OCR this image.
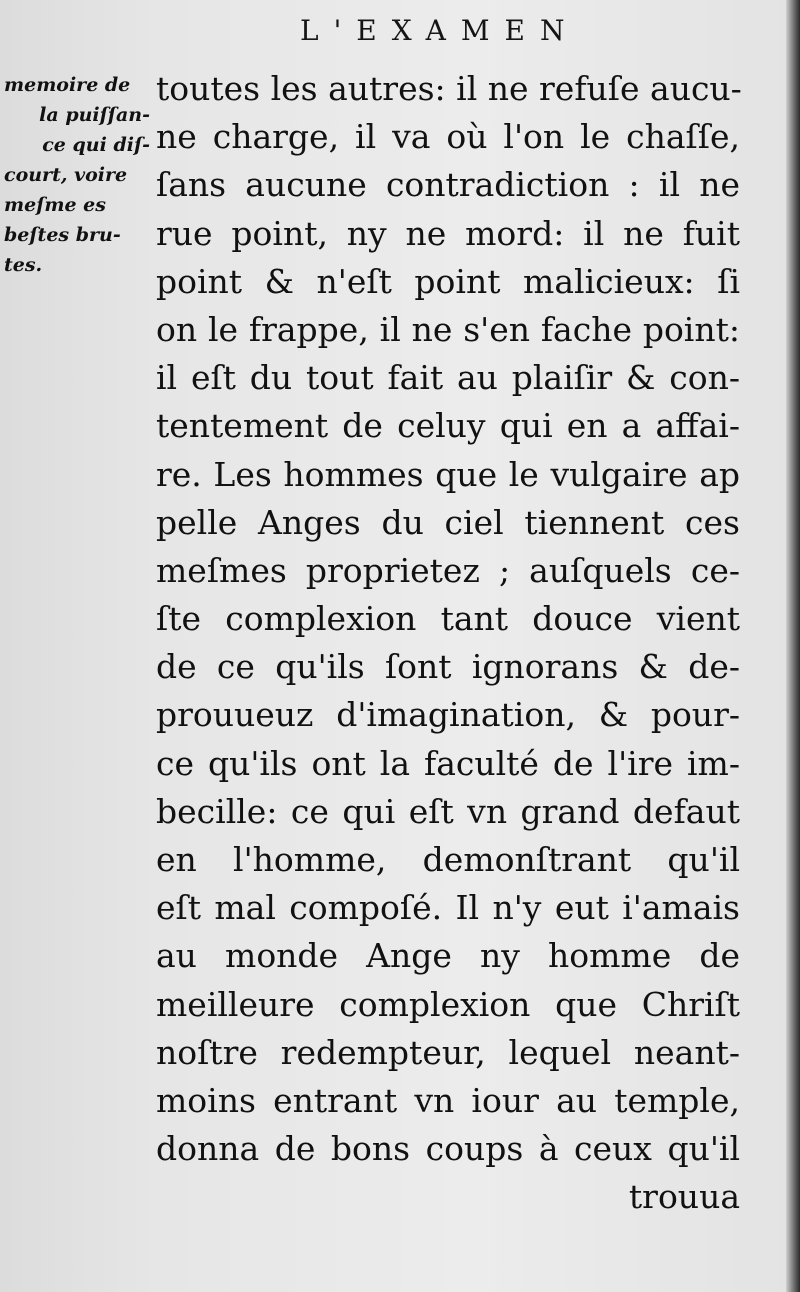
L'EXAMEN
memoire de
la puiſſan-
ce qui diſ-
court, voire
meſme es
beſtes bru-
tes.
toutes les autres: il ne refuſe aucu-
ne charge, il va où l'on le chaſſe,
ſans aucune contradiction : il ne
rue point, ny ne mord: il ne fuit
point & n'eſt point malicieux: ſi
on le frappe, il ne s'en fache point:
il eſt du tout fait au plaiſir & con-
tentement de celuy qui en a affai-
re. Les hommes que le vulgaire ap
pelle Anges du ciel tiennent ces
meſmes proprietez ; auſquels ce-
ſte complexion tant douce vient
de ce qu'ils ſont ignorans & de-
prouueuz d'imagination, & pour-
ce qu'ils ont la faculté de l'ire im-
becille: ce qui eſt vn grand defaut
en l'homme, demonſtrant qu'il
eſt mal compoſé. Il n'y eut i'amais
au monde Ange ny homme de
meilleure complexion que Chriſt
noſtre redempteur, lequel neant-
moins entrant vn iour au temple,
donna de bons coups à ceux qu'il
trouua
